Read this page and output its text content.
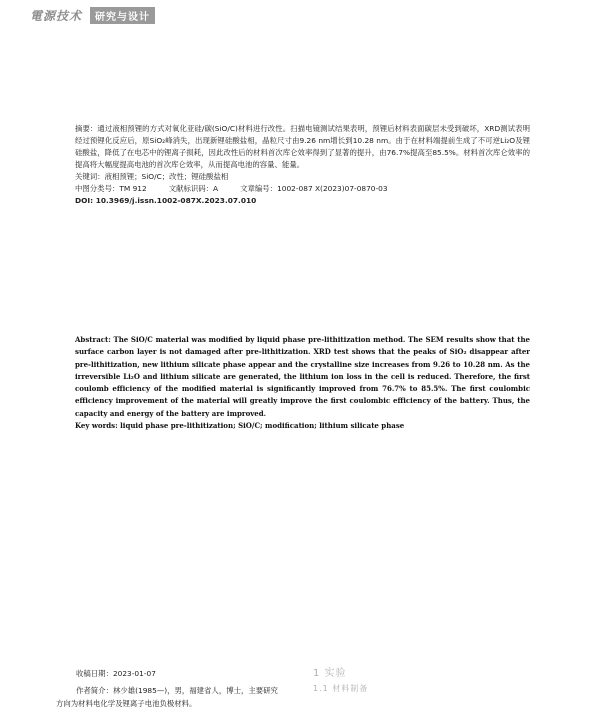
電源技术	研究与设计

摘要：通过液相预锂的方式对氧化亚硅/碳(SiO/C)材料进行改性。扫描电镜测试结果表明，预锂后材料表面碳层未受到破坏，XRD测试表明经过预锂化反应后，原SiO₂峰消失，出现新锂硅酸盐相，晶粒尺寸由9.26 nm增长到10.28 nm。由于在材料端提前生成了不可逆Li₂O及锂硅酸盐，降低了在电芯中的锂离子损耗，因此改性后的材料首次库仑效率得到了显著的提升，由76.7%提高至85.5%。材料首次库仑效率的提高将大幅度提高电池的首次库仑效率，从而提高电池的容量、能量。

关键词：液相预锂；SiO/C；改性；锂硅酸盐相

中图分类号：TM 912	文献标识码：A	文章编号：1002-087 X(2023)07-0870-03

DOI: 10.3969/j.issn.1002-087X.2023.07.010

Abstract: The SiO/C material was modified by liquid phase pre-lithitization method. The SEM results show that the surface carbon layer is not damaged after pre-lithitization. XRD test shows that the peaks of SiO₂ disappear after pre-lithitization, new lithium silicate phase appear and the crystalline size increases from 9.26 to 10.28 nm. As the irreversible Li₂O and lithium silicate are generated, the lithium ion loss in the cell is reduced. Therefore, the first coulomb efficiency of the modified material is significantly improved from 76.7% to 85.5%. The first coulombic efficiency improvement of the material will greatly improve the first coulombic efficiency of the battery. Thus, the capacity and energy of the battery are improved.

Key words: liquid phase pre-lithitization; SiO/C; modification; lithium silicate phase

收稿日期：2023-01-07
作者简介：林少雄(1985—)，男，福建省人，博士，主要研究
方向为材料电化学及锂离子电池负极材料。
1 实验
1.1 材料制备
